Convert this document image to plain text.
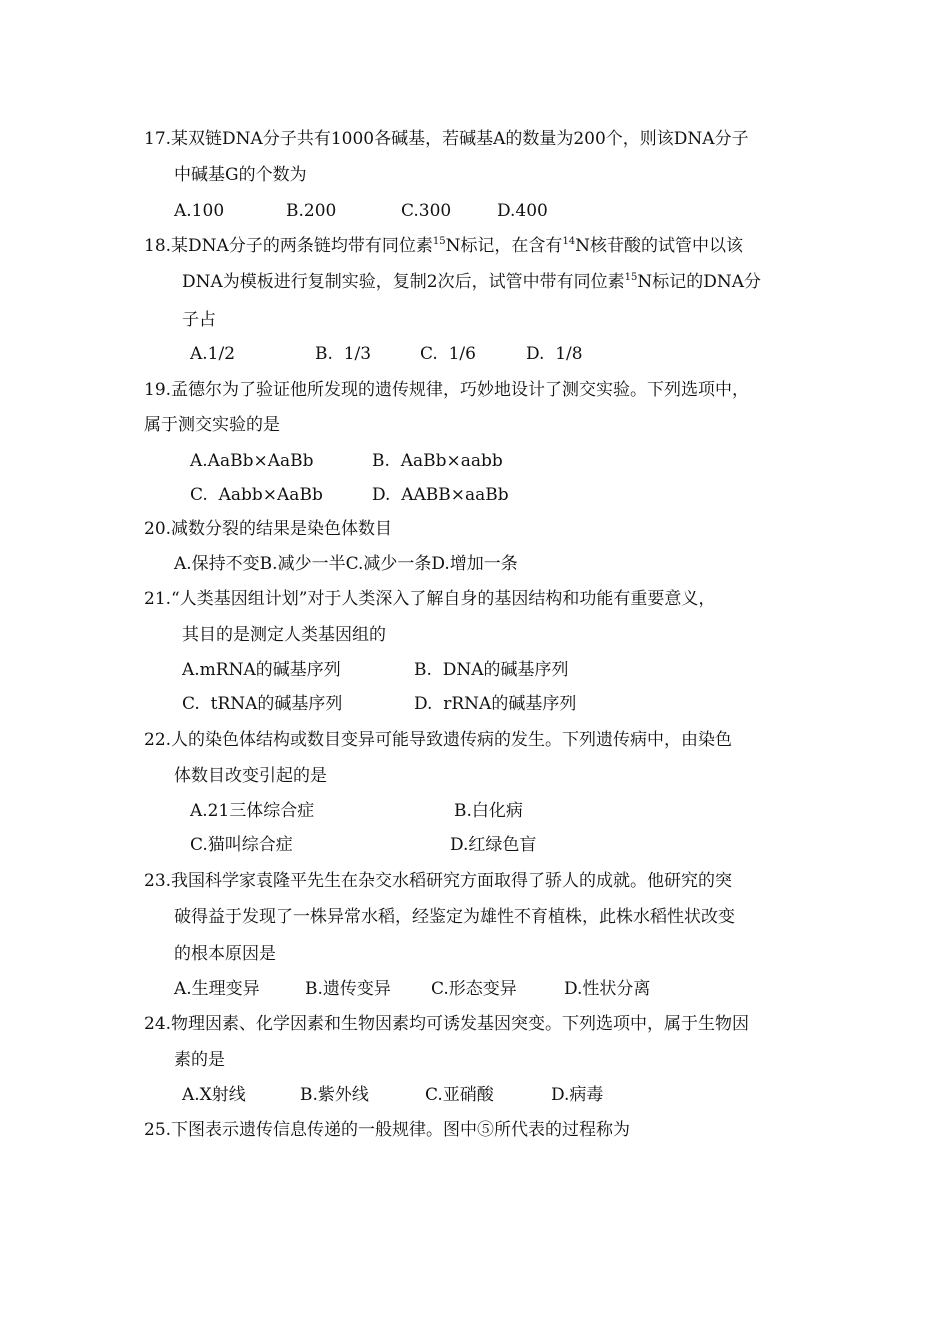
17.某双链DNA分子共有1000各碱基，若碱基A的数量为200个，则该DNA分子
中碱基G的个数为
A.100	B.200	C.300	D.400
18.某DNA分子的两条链均带有同位素$^{15}$N标记，在含有$^{14}$N核苷酸的试管中以该
DNA为模板进行复制实验，复制2次后，试管中带有同位素$^{15}$N标记的DNA分
子占
A.1/2	B.  1/3	C.  1/6	D.  1/8
19.孟德尔为了验证他所发现的遗传规律，巧妙地设计了测交实验。下列选项中，
属于测交实验的是
A.AaBb×AaBb	B.  AaBb×aabb
C.  Aabb×AaBb	D.  AABB×aaBb
20.减数分裂的结果是染色体数目
A.保持不变B.减少一半C.减少一条D.增加一条
21.“人类基因组计划”对于人类深入了解自身的基因结构和功能有重要意义，
其目的是测定人类基因组的
A.mRNA的碱基序列	B.  DNA的碱基序列
C.  tRNA的碱基序列	D.  rRNA的碱基序列
22.人的染色体结构或数目变异可能导致遗传病的发生。下列遗传病中，由染色
体数目改变引起的是
A.21三体综合症	B.白化病
C.猫叫综合症	D.红绿色盲
23.我国科学家袁隆平先生在杂交水稻研究方面取得了骄人的成就。他研究的突
破得益于发现了一株异常水稻，经鉴定为雄性不育植株，此株水稻性状改变
的根本原因是
A.生理变异	B.遗传变异 C.形态变异	D.性状分离
24.物理因素、化学因素和生物因素均可诱发基因突变。下列选项中，属于生物因
素的是
A.X射线	B.紫外线	C.亚硝酸	D.病毒
25.下图表示遗传信息传递的一般规律。图中⑤所代表的过程称为
